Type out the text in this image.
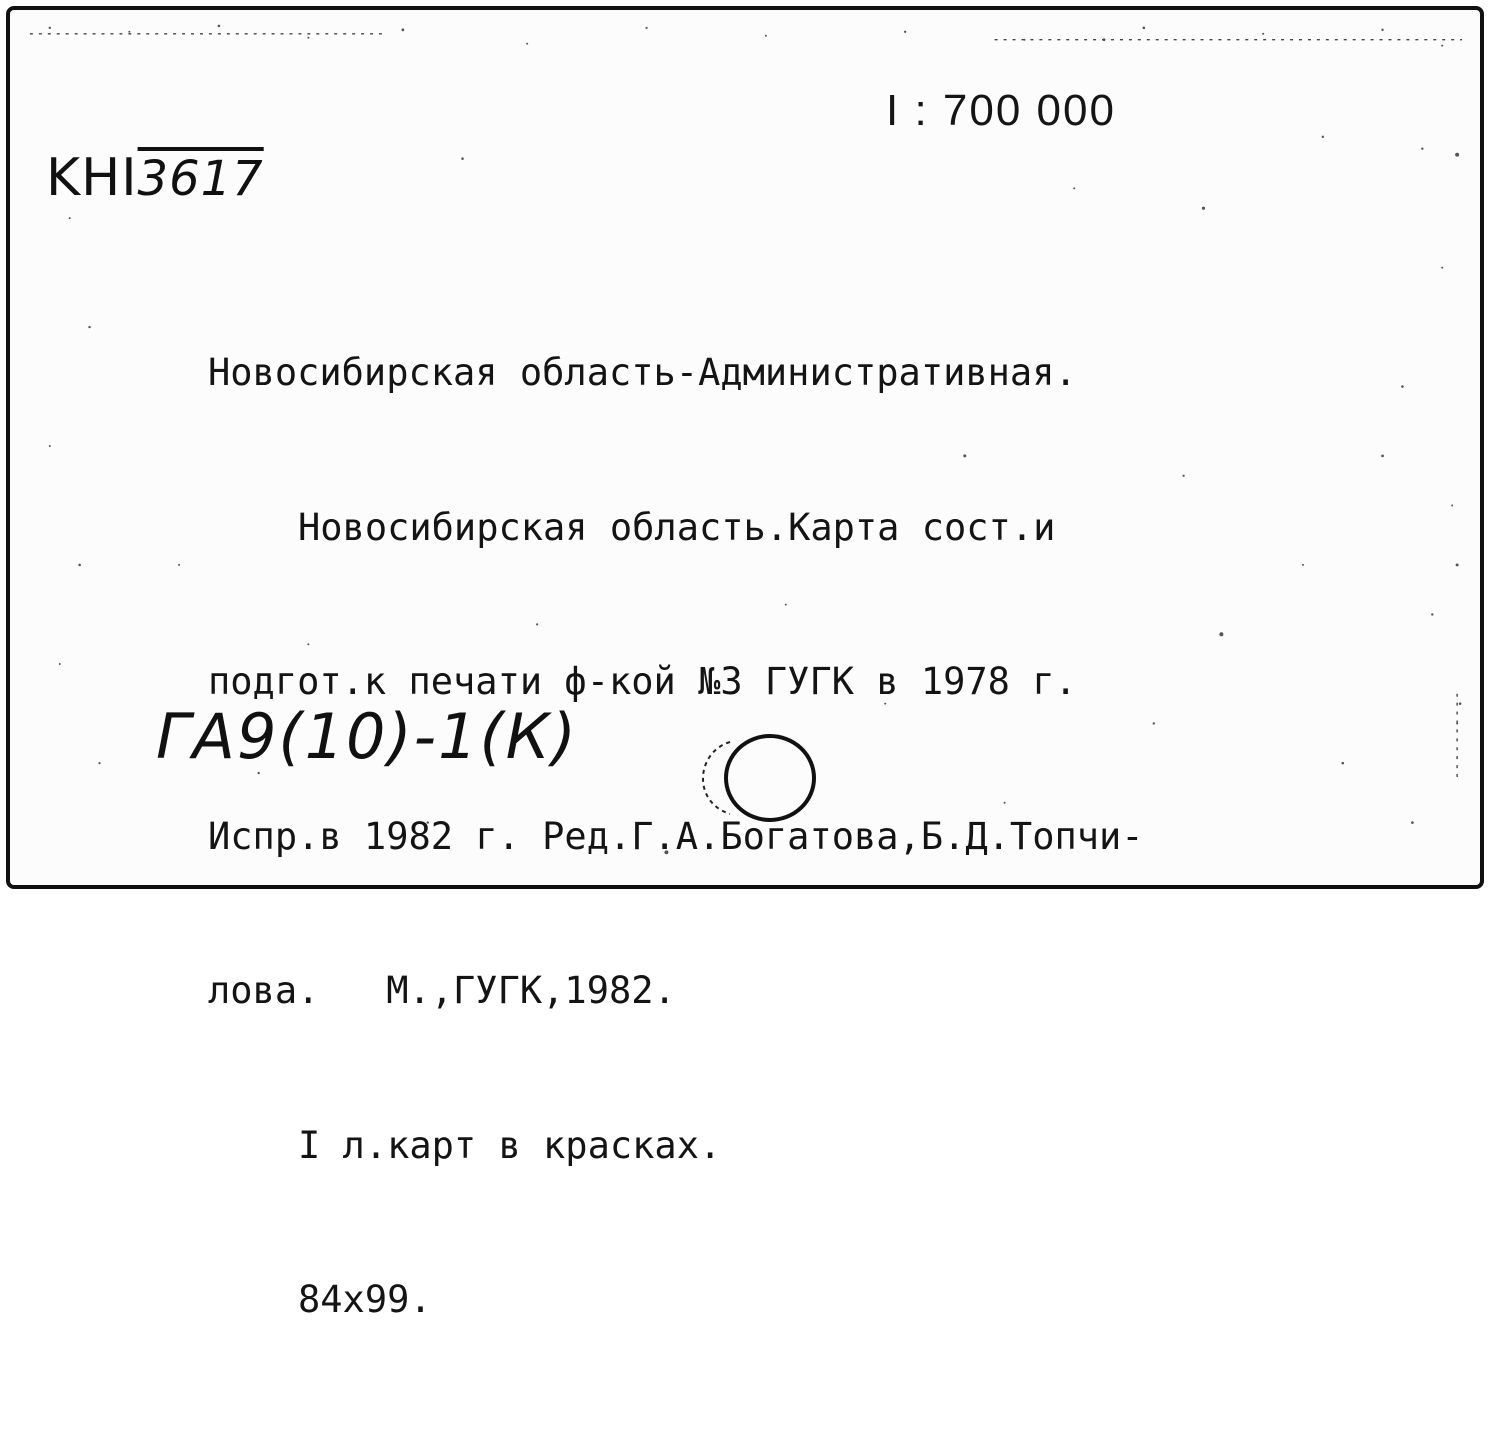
I : 700 000
KHI3617

Новосибирская область-Административная.

Новосибирская область.Карта сост.и

подгот.к печати ф-кой №3 ГУГК в 1978 г.

Испр.в 1982 г. Ред.Г.А.Богатова,Б.Д.Топчи-

лова.   М.,ГУГК,1982.

I л.карт в красках.

84x99.

ГА9(10)-1(К)
